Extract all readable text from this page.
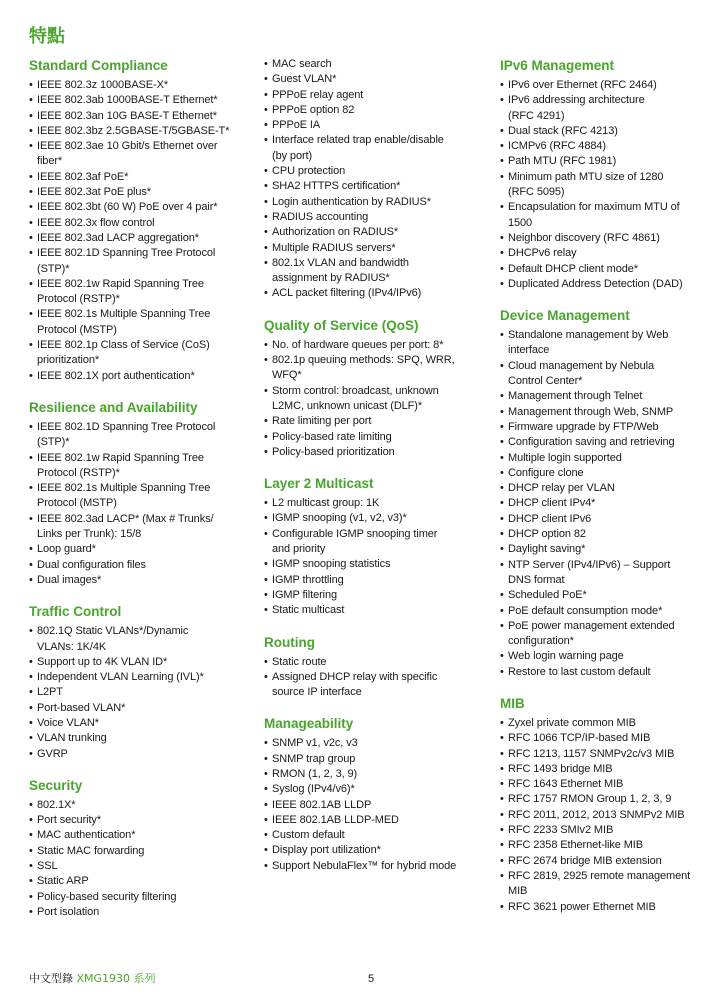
特點
Standard Compliance
• IEEE 802.3z 1000BASE-X*
• IEEE 802.3ab 1000BASE-T Ethernet*
• IEEE 802.3an 10G BASE-T Ethernet*
• IEEE 802.3bz 2.5GBASE-T/5GBASE-T*
• IEEE 802.3ae 10 Gbit/s Ethernet over
fiber*
• IEEE 802.3af PoE*
• IEEE 802.3at PoE plus*
• IEEE 802.3bt (60 W) PoE over 4 pair*
• IEEE 802.3x flow control
• IEEE 802.3ad LACP aggregation*
• IEEE 802.1D Spanning Tree Protocol
(STP)*
• IEEE 802.1w Rapid Spanning Tree
Protocol (RSTP)*
• IEEE 802.1s Multiple Spanning Tree
Protocol (MSTP)
• IEEE 802.1p Class of Service (CoS)
prioritization*
• IEEE 802.1X port authentication*
Resilience and Availability
• IEEE 802.1D Spanning Tree Protocol
(STP)*
• IEEE 802.1w Rapid Spanning Tree
Protocol (RSTP)*
• IEEE 802.1s Multiple Spanning Tree
Protocol (MSTP)
• IEEE 802.3ad LACP* (Max # Trunks/
Links per Trunk): 15/8
• Loop guard*
• Dual configuration files
• Dual images*
Traffic Control
• 802.1Q Static VLANs*/Dynamic
VLANs: 1K/4K
• Support up to 4K VLAN ID*
• Independent VLAN Learning (IVL)*
• L2PT
• Port-based VLAN*
• Voice VLAN*
• VLAN trunking
• GVRP
Security
• 802.1X*
• Port security*
• MAC authentication*
• Static MAC forwarding
• SSL
• Static ARP
• Policy-based security filtering
• Port isolation
• MAC search
• Guest VLAN*
• PPPoE relay agent
• PPPoE option 82
• PPPoE IA
• Interface related trap enable/disable
(by port)
• CPU protection
• SHA2 HTTPS certification*
• Login authentication by RADIUS*
• RADIUS accounting
• Authorization on RADIUS*
• Multiple RADIUS servers*
• 802.1x VLAN and bandwidth
assignment by RADIUS*
• ACL packet filtering (IPv4/IPv6)
Quality of Service (QoS)
• No. of hardware queues per port: 8*
• 802.1p queuing methods: SPQ, WRR,
WFQ*
• Storm control: broadcast, unknown
L2MC, unknown unicast (DLF)*
• Rate limiting per port
• Policy-based rate limiting
• Policy-based prioritization
Layer 2 Multicast
• L2 multicast group: 1K
• IGMP snooping (v1, v2, v3)*
• Configurable IGMP snooping timer
and priority
• IGMP snooping statistics
• IGMP throttling
• IGMP filtering
• Static multicast
Routing
• Static route
• Assigned DHCP relay with specific
source IP interface
Manageability
• SNMP v1, v2c, v3
• SNMP trap group
• RMON (1, 2, 3, 9)
• Syslog (IPv4/v6)*
• IEEE 802.1AB LLDP
• IEEE 802.1AB LLDP-MED
• Custom default
• Display port utilization*
• Support NebulaFlex™ for hybrid mode
IPv6 Management
• IPv6 over Ethernet (RFC 2464)
• IPv6 addressing architecture
(RFC 4291)
• Dual stack (RFC 4213)
• ICMPv6 (RFC 4884)
• Path MTU (RFC 1981)
• Minimum path MTU size of 1280
(RFC 5095)
• Encapsulation for maximum MTU of
1500
• Neighbor discovery (RFC 4861)
• DHCPv6 relay
• Default DHCP client mode*
• Duplicated Address Detection (DAD)
Device Management
• Standalone management by Web
interface
• Cloud management by Nebula
Control Center*
• Management through Telnet
• Management through Web, SNMP
• Firmware upgrade by FTP/Web
• Configuration saving and retrieving
• Multiple login supported
• Configure clone
• DHCP relay per VLAN
• DHCP client IPv4*
• DHCP client IPv6
• DHCP option 82
• Daylight saving*
• NTP Server (IPv4/IPv6) – Support
DNS format
• Scheduled PoE*
• PoE default consumption mode*
• PoE power management extended
configuration*
• Web login warning page
• Restore to last custom default
MIB
• Zyxel private common MIB
• RFC 1066 TCP/IP-based MIB
• RFC 1213, 1157 SNMPv2c/v3 MIB
• RFC 1493 bridge MIB
• RFC 1643 Ethernet MIB
• RFC 1757 RMON Group 1, 2, 3, 9
• RFC 2011, 2012, 2013 SNMPv2 MIB
• RFC 2233 SMIv2 MIB
• RFC 2358 Ethernet-like MIB
• RFC 2674 bridge MIB extension
• RFC 2819, 2925 remote management
MIB
• RFC 3621 power Ethernet MIB
中文型錄 XMG1930 系列	5
